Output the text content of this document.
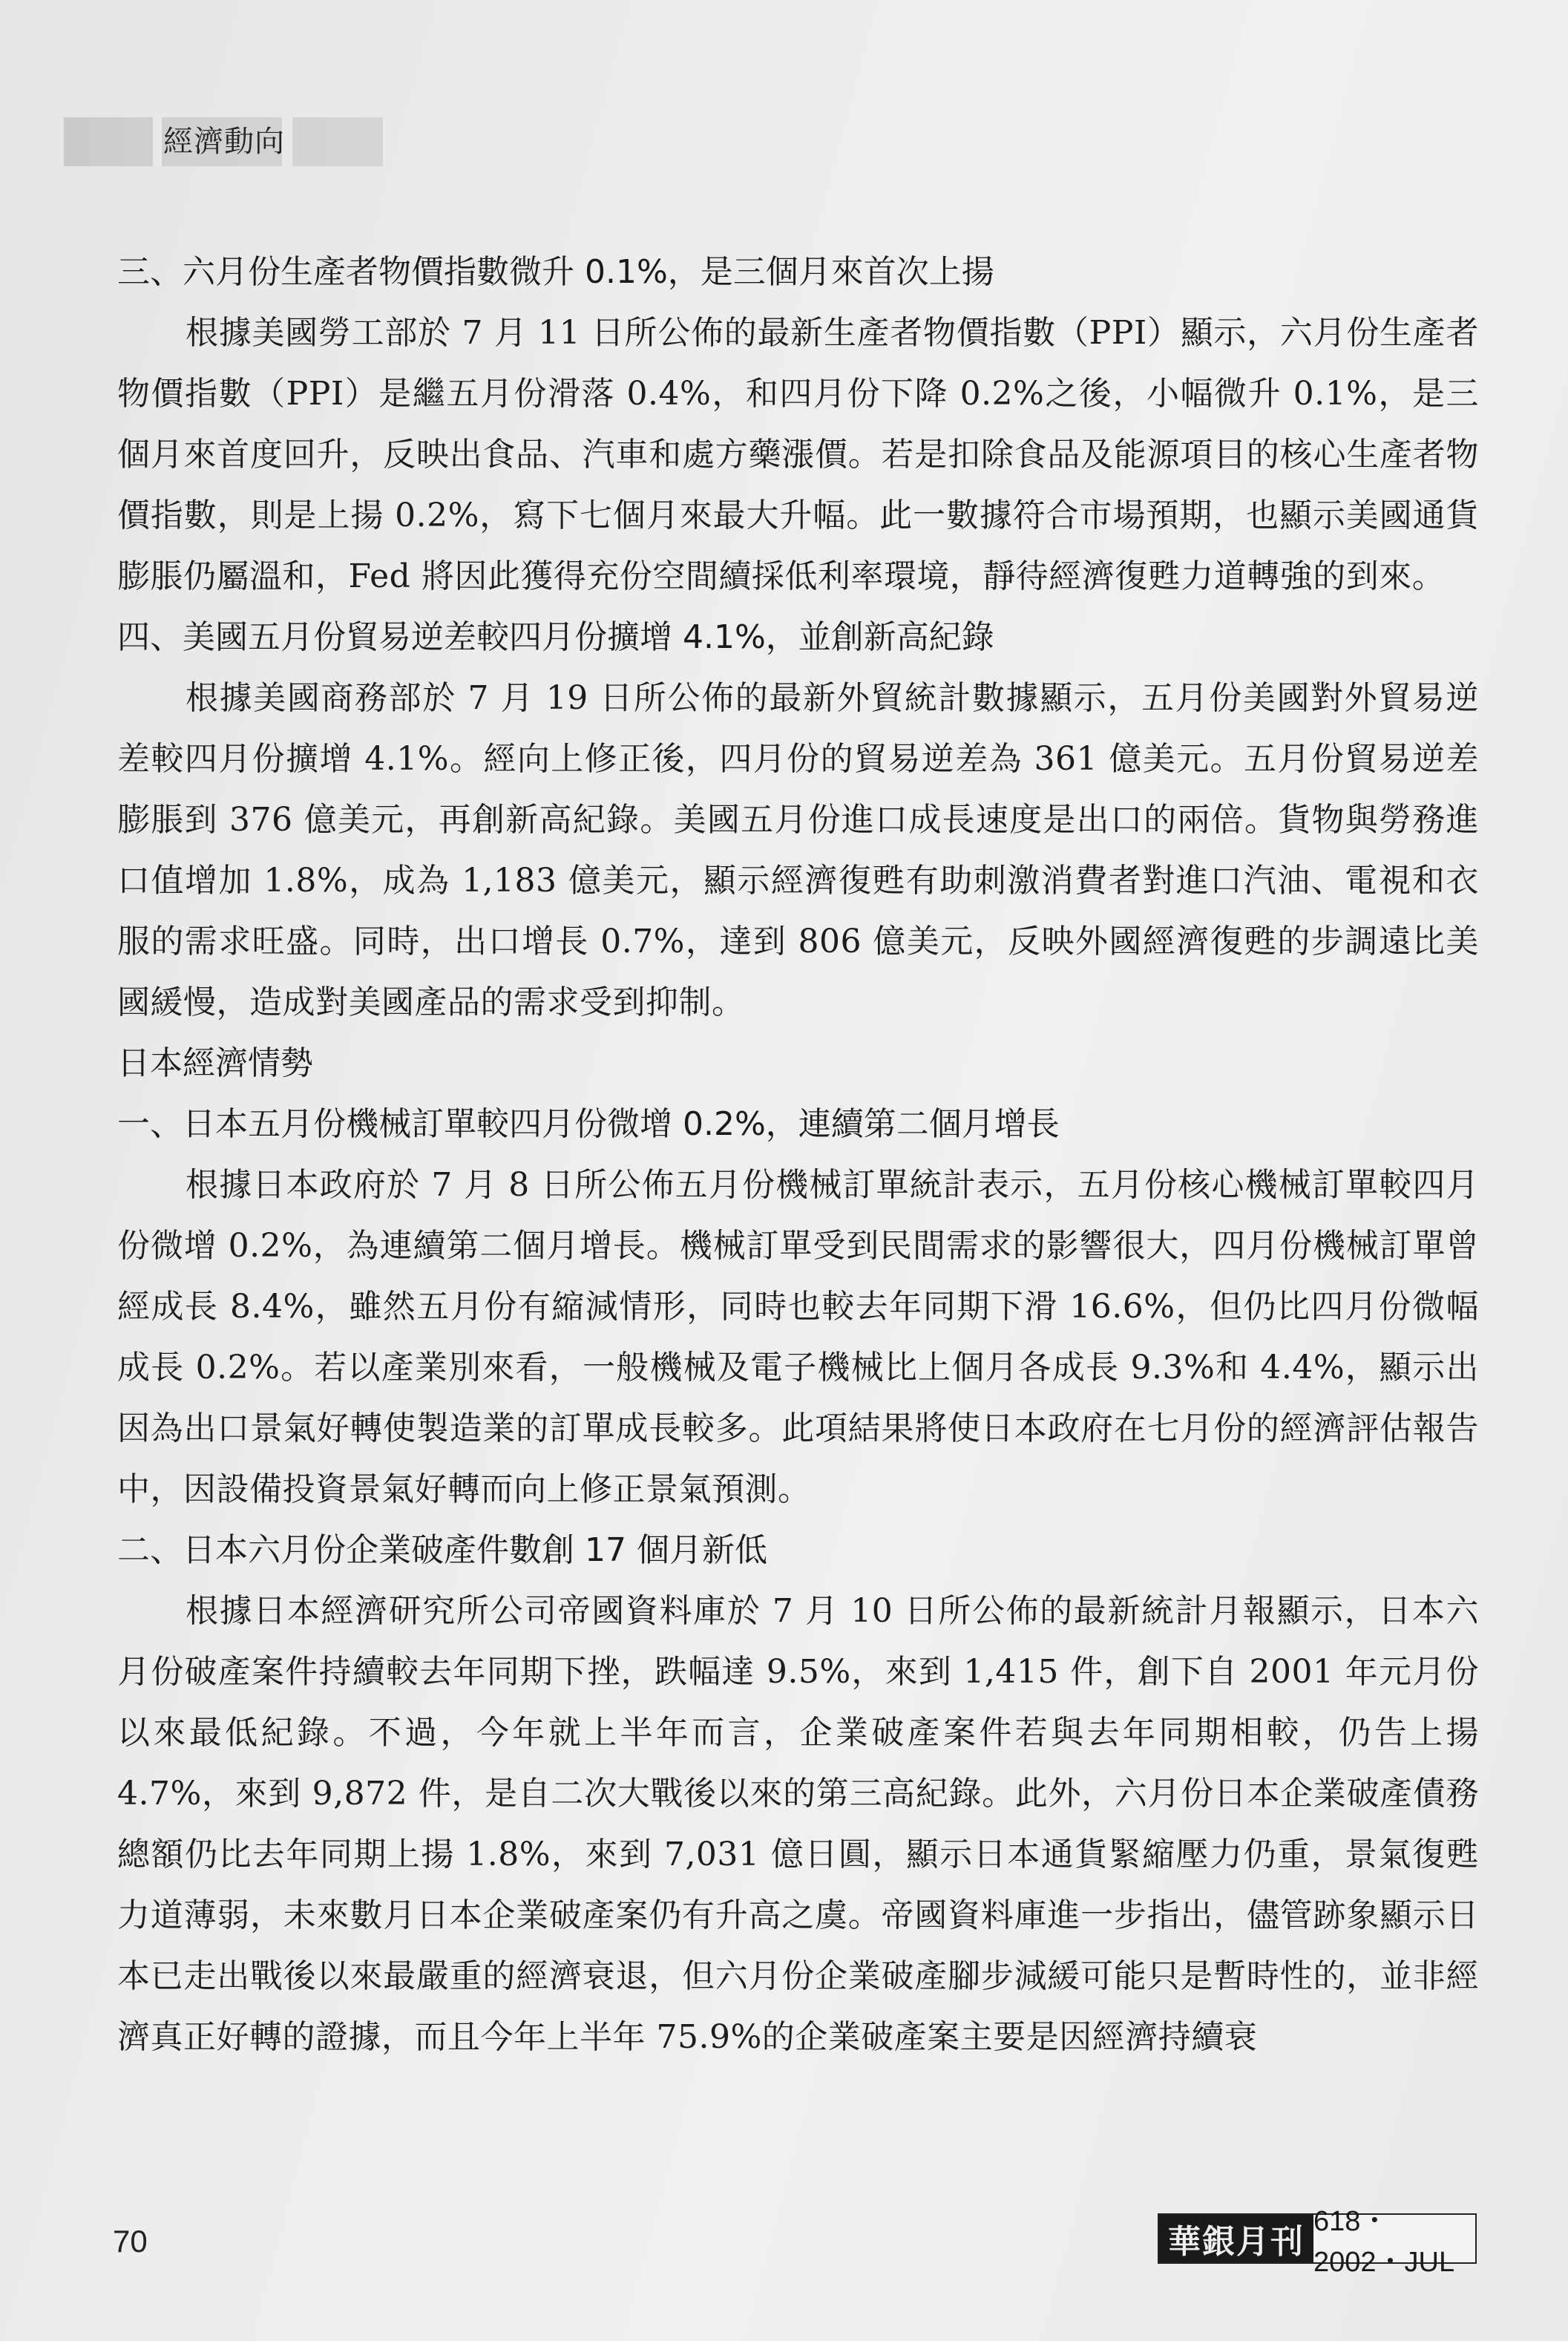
經濟動向
三、六月份生產者物價指數微升 0.1%，是三個月來首次上揚
根據美國勞工部於 7 月 11 日所公佈的最新生產者物價指數（PPI）顯示，六月份生產者物價指數（PPI）是繼五月份滑落 0.4%，和四月份下降 0.2%之後，小幅微升 0.1%，是三個月來首度回升，反映出食品、汽車和處方藥漲價。若是扣除食品及能源項目的核心生產者物價指數，則是上揚 0.2%，寫下七個月來最大升幅。此一數據符合市場預期，也顯示美國通貨膨脹仍屬溫和，Fed 將因此獲得充份空間續採低利率環境，靜待經濟復甦力道轉強的到來。
四、美國五月份貿易逆差較四月份擴增 4.1%，並創新高紀錄
根據美國商務部於 7 月 19 日所公佈的最新外貿統計數據顯示，五月份美國對外貿易逆差較四月份擴增 4.1%。經向上修正後，四月份的貿易逆差為 361 億美元。五月份貿易逆差膨脹到 376 億美元，再創新高紀錄。美國五月份進口成長速度是出口的兩倍。貨物與勞務進口值增加 1.8%，成為 1,183 億美元，顯示經濟復甦有助刺激消費者對進口汽油、電視和衣服的需求旺盛。同時，出口增長 0.7%，達到 806 億美元，反映外國經濟復甦的步調遠比美國緩慢，造成對美國產品的需求受到抑制。
日本經濟情勢
一、日本五月份機械訂單較四月份微增 0.2%，連續第二個月增長
根據日本政府於 7 月 8 日所公佈五月份機械訂單統計表示，五月份核心機械訂單較四月份微增 0.2%，為連續第二個月增長。機械訂單受到民間需求的影響很大，四月份機械訂單曾經成長 8.4%，雖然五月份有縮減情形，同時也較去年同期下滑 16.6%，但仍比四月份微幅成長 0.2%。若以產業別來看，一般機械及電子機械比上個月各成長 9.3%和 4.4%，顯示出因為出口景氣好轉使製造業的訂單成長較多。此項結果將使日本政府在七月份的經濟評估報告中，因設備投資景氣好轉而向上修正景氣預測。
二、日本六月份企業破產件數創 17 個月新低
根據日本經濟研究所公司帝國資料庫於 7 月 10 日所公佈的最新統計月報顯示，日本六月份破產案件持續較去年同期下挫，跌幅達 9.5%，來到 1,415 件，創下自 2001 年元月份以來最低紀錄。不過，今年就上半年而言，企業破產案件若與去年同期相較，仍告上揚 4.7%，來到 9,872 件，是自二次大戰後以來的第三高紀錄。此外，六月份日本企業破產債務總額仍比去年同期上揚 1.8%，來到 7,031 億日圓，顯示日本通貨緊縮壓力仍重，景氣復甦力道薄弱，未來數月日本企業破產案仍有升高之虞。帝國資料庫進一步指出，儘管跡象顯示日本已走出戰後以來最嚴重的經濟衰退，但六月份企業破產腳步減緩可能只是暫時性的，並非經濟真正好轉的證據，而且今年上半年 75.9%的企業破產案主要是因經濟持續衰
70	華銀月刊
618・2002・JUL
